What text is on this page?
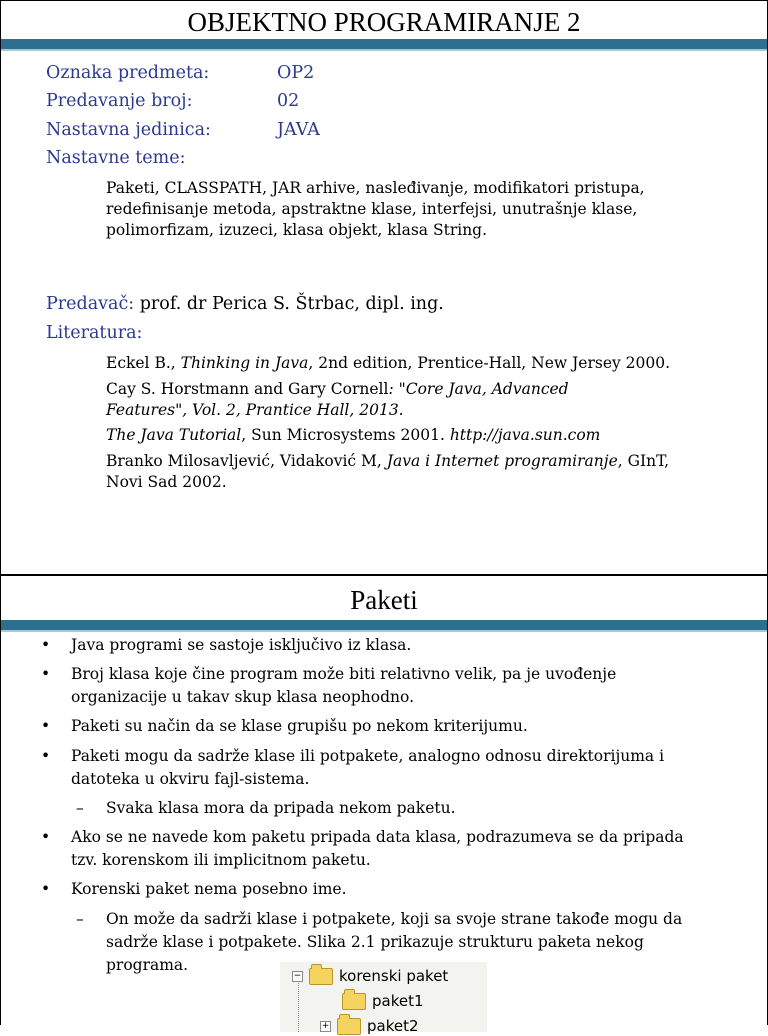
OBJEKTNO PROGRAMIRANJE 2
Oznaka predmeta:	OP2
Predavanje broj:	02
Nastavna jedinica:	JAVA
Nastavne teme:
Paketi, CLASSPATH, JAR arhive, nasleđivanje, modifikatori pristupa,
redefinisanje metoda, apstraktne klase, interfejsi, unutrašnje klase,
polimorfizam, izuzeci, klasa objekt, klasa String.
Predavač: prof. dr Perica S. Štrbac, dipl. ing.
Literatura:
Eckel B., Thinking in Java, 2nd edition, Prentice-Hall, New Jersey 2000.
Cay S. Horstmann and Gary Cornell: "Core Java, Advanced
Features", Vol. 2, Prantice Hall, 2013.
The Java Tutorial, Sun Microsystems 2001. http://java.sun.com
Branko Milosavljević, Vidaković M, Java i Internet programiranje, GInT,
Novi Sad 2002.
Paketi
• Java programi se sastoje isključivo iz klasa.
• Broj klasa koje čine program može biti relativno velik, pa je uvođenje
organizacije u takav skup klasa neophodno.
• Paketi su način da se klase grupišu po nekom kriterijumu.
• Paketi mogu da sadrže klase ili potpakete, analogno odnosu direktorijuma i
datoteka u okviru fajl-sistema.
– Svaka klasa mora da pripada nekom paketu.
• Ako se ne navede kom paketu pripada data klasa, podrazumeva se da pripada
tzv. korenskom ili implicitnom paketu.
• Korenski paket nema posebno ime.
– On može da sadrži klase i potpakete, koji sa svoje strane takođe mogu da
sadrže klase i potpakete. Slika 2.1 prikazuje strukturu paketa nekog
programa.
−	korenski paket
paket1
+	paket2
